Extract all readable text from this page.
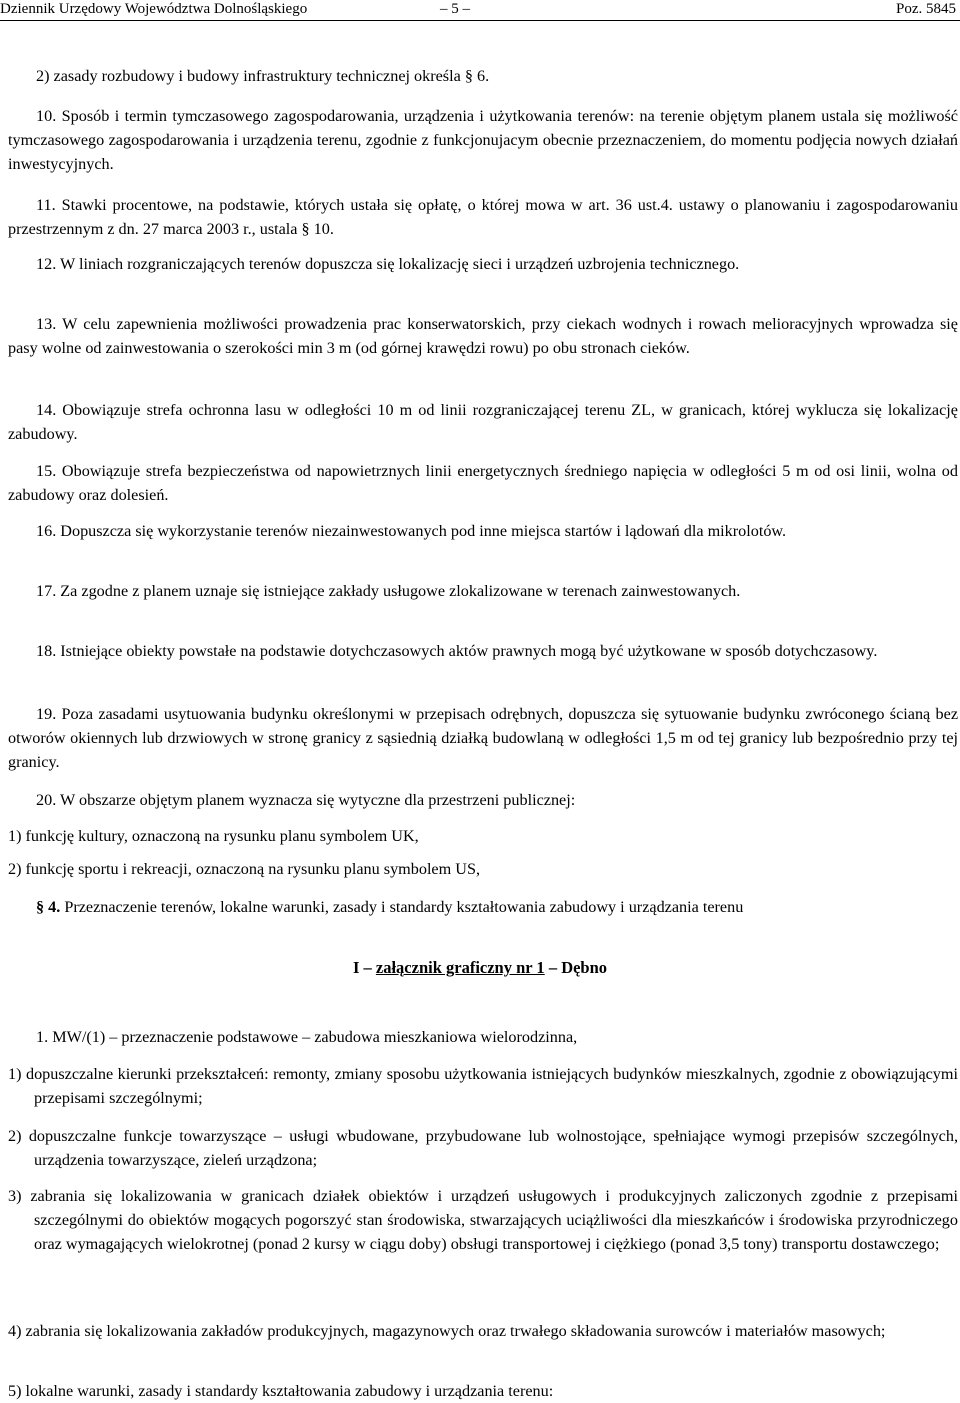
Dziennik Urzędowy Województwa Dolnośląskiego	– 5 –	Poz. 5845

2) zasady rozbudowy i budowy infrastruktury technicznej określa § 6.

10. Sposób i termin tymczasowego zagospodarowania, urządzenia i użytkowania terenów: na terenie objętym planem ustala się możliwość tymczasowego zagospodarowania i urządzenia terenu, zgodnie z funkcjonujacym obecnie przeznaczeniem, do momentu podjęcia nowych działań inwestycyjnych.

11. Stawki procentowe, na podstawie, których ustała się opłatę, o której mowa w art. 36 ust.4. ustawy o planowaniu i zagospodarowaniu przestrzennym z dn. 27 marca 2003 r., ustala § 10.

12. W liniach rozgraniczających terenów dopuszcza się lokalizację sieci i urządzeń uzbrojenia technicznego.

13. W celu zapewnienia możliwości prowadzenia prac konserwatorskich, przy ciekach wodnych i rowach melioracyjnych wprowadza się pasy wolne od zainwestowania o szerokości min 3 m (od górnej krawędzi rowu) po obu stronach cieków.

14. Obowiązuje strefa ochronna lasu w odległości 10 m od linii rozgraniczającej terenu ZL, w granicach, której wyklucza się lokalizację zabudowy.

15. Obowiązuje strefa bezpieczeństwa od napowietrznych linii energetycznych średniego napięcia w odległości 5 m od osi linii, wolna od zabudowy oraz dolesień.

16. Dopuszcza się wykorzystanie terenów niezainwestowanych pod inne miejsca startów i lądowań dla mikrolotów.

17. Za zgodne z planem uznaje się istniejące zakłady usługowe zlokalizowane w terenach zainwestowanych.

18. Istniejące obiekty powstałe na podstawie dotychczasowych aktów prawnych mogą być użytkowane w sposób dotychczasowy.

19. Poza zasadami usytuowania budynku określonymi w przepisach odrębnych, dopuszcza się sytuowanie budynku zwróconego ścianą bez otworów okiennych lub drzwiowych w stronę granicy z sąsiednią działką budowlaną w odległości 1,5 m od tej granicy lub bezpośrednio przy tej granicy.

20. W obszarze objętym planem wyznacza się wytyczne dla przestrzeni publicznej:

1) funkcję kultury, oznaczoną na rysunku planu symbolem UK,

2) funkcję sportu i rekreacji, oznaczoną na rysunku planu symbolem US,

§ 4. Przeznaczenie terenów, lokalne warunki, zasady i standardy kształtowania zabudowy i urządzania terenu

I – załącznik graficzny nr 1 – Dębno

1. MW/(1) – przeznaczenie podstawowe – zabudowa mieszkaniowa wielorodzinna,

1) dopuszczalne kierunki przekształceń: remonty, zmiany sposobu użytkowania istniejących budynków mieszkalnych, zgodnie z obowiązującymi przepisami szczególnymi;

2) dopuszczalne funkcje towarzyszące – usługi wbudowane, przybudowane lub wolnostojące, spełniające wymogi przepisów szczególnych, urządzenia towarzyszące, zieleń urządzona;

3) zabrania się lokalizowania w granicach działek obiektów i urządzeń usługowych i produkcyjnych zaliczonych zgodnie z przepisami szczególnymi do obiektów mogących pogorszyć stan środowiska, stwarzających uciążliwości dla mieszkańców i środowiska przyrodniczego oraz wymagających wielokrotnej (ponad 2 kursy w ciągu doby) obsługi transportowej i ciężkiego (ponad 3,5 tony) transportu dostawczego;

4) zabrania się lokalizowania zakładów produkcyjnych, magazynowych oraz trwałego składowania surowców i materiałów masowych;

5) lokalne warunki, zasady i standardy kształtowania zabudowy i urządzania terenu:
